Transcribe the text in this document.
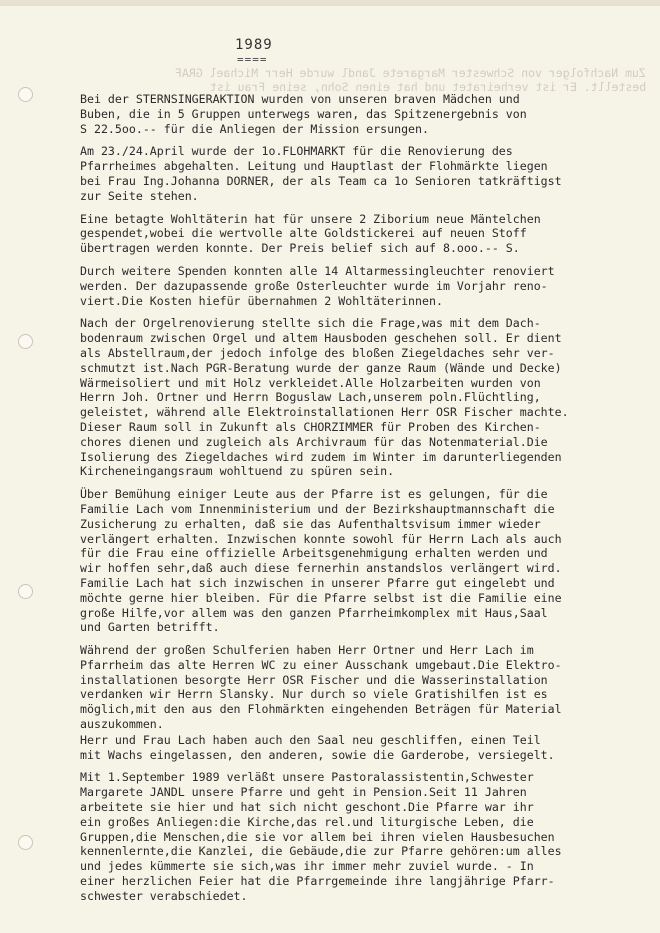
Zum Nachfolger von Schwester Margarete Jandl wurde Herr Michael GRAF
bestellt. Er ist verheiratet und hat einen Sohn, seine Frau ist
1989
====

Bei der STERNSINGERAKTION wurden von unseren braven Mädchen und
Buben, die in 5 Gruppen unterwegs waren, das Spitzenergebnis von
S 22.5oo.-- für die Anliegen der Mission ersungen.

Am 23./24.April wurde der 1o.FLOHMARKT für die Renovierung des
Pfarrheimes abgehalten. Leitung und Hauptlast der Flohmärkte liegen
bei Frau Ing.Johanna DORNER, der als Team ca 1o Senioren tatkräftigst
zur Seite stehen.

Eine betagte Wohltäterin hat für unsere 2 Ziborium neue Mäntelchen
gespendet,wobei die wertvolle alte Goldstickerei auf neuen Stoff
übertragen werden konnte. Der Preis belief sich auf 8.ooo.-- S.

Durch weitere Spenden konnten alle 14 Altarmessingleuchter renoviert
werden. Der dazupassende große Osterleuchter wurde im Vorjahr reno-
viert.Die Kosten hiefür übernahmen 2 Wohltäterinnen.

Nach der Orgelrenovierung stellte sich die Frage,was mit dem Dach-
bodenraum zwischen Orgel und altem Hausboden geschehen soll. Er dient
als Abstellraum,der jedoch infolge des bloßen Ziegeldaches sehr ver-
schmutzt ist.Nach PGR-Beratung wurde der ganze Raum (Wände und Decke)
Wärmeisoliert und mit Holz verkleidet.Alle Holzarbeiten wurden von
Herrn Joh. Ortner und Herrn Boguslaw Lach,unserem poln.Flüchtling,
geleistet, während alle Elektroinstallationen Herr OSR Fischer machte.
Dieser Raum soll in Zukunft als CHORZIMMER für Proben des Kirchen-
chores dienen und zugleich als Archivraum für das Notenmaterial.Die
Isolierung des Ziegeldaches wird zudem im Winter im darunterliegenden
Kircheneingangsraum wohltuend zu spüren sein.

Über Bemühung einiger Leute aus der Pfarre ist es gelungen, für die
Familie Lach vom Innenministerium und der Bezirkshauptmannschaft die
Zusicherung zu erhalten, daß sie das Aufenthaltsvisum immer wieder
verlängert erhalten. Inzwischen konnte sowohl für Herrn Lach als auch
für die Frau eine offizielle Arbeitsgenehmigung erhalten werden und
wir hoffen sehr,daß auch diese fernerhin anstandslos verlängert wird.
Familie Lach hat sich inzwischen in unserer Pfarre gut eingelebt und
möchte gerne hier bleiben. Für die Pfarre selbst ist die Familie eine
große Hilfe,vor allem was den ganzen Pfarrheimkomplex mit Haus,Saal
und Garten betrifft.

Während der großen Schulferien haben Herr Ortner und Herr Lach im
Pfarrheim das alte Herren WC zu einer Ausschank umgebaut.Die Elektro-
installationen besorgte Herr OSR Fischer und die Wasserinstallation
verdanken wir Herrn Slansky. Nur durch so viele Gratishilfen ist es
möglich,mit den aus den Flohmärkten eingehenden Beträgen für Material
auszukommen.

Herr und Frau Lach haben auch den Saal neu geschliffen, einen Teil
mit Wachs eingelassen, den anderen, sowie die Garderobe, versiegelt.

Mit 1.September 1989 verläßt unsere Pastoralassistentin,Schwester
Margarete JANDL unsere Pfarre und geht in Pension.Seit 11 Jahren
arbeitete sie hier und hat sich nicht geschont.Die Pfarre war ihr
ein großes Anliegen:die Kirche,das rel.und liturgische Leben, die
Gruppen,die Menschen,die sie vor allem bei ihren vielen Hausbesuchen
kennenlernte,die Kanzlei, die Gebäude,die zur Pfarre gehören:um alles
und jedes kümmerte sie sich,was ihr immer mehr zuviel wurde. - In
einer herzlichen Feier hat die Pfarrgemeinde ihre langjährige Pfarr-
schwester verabschiedet.
